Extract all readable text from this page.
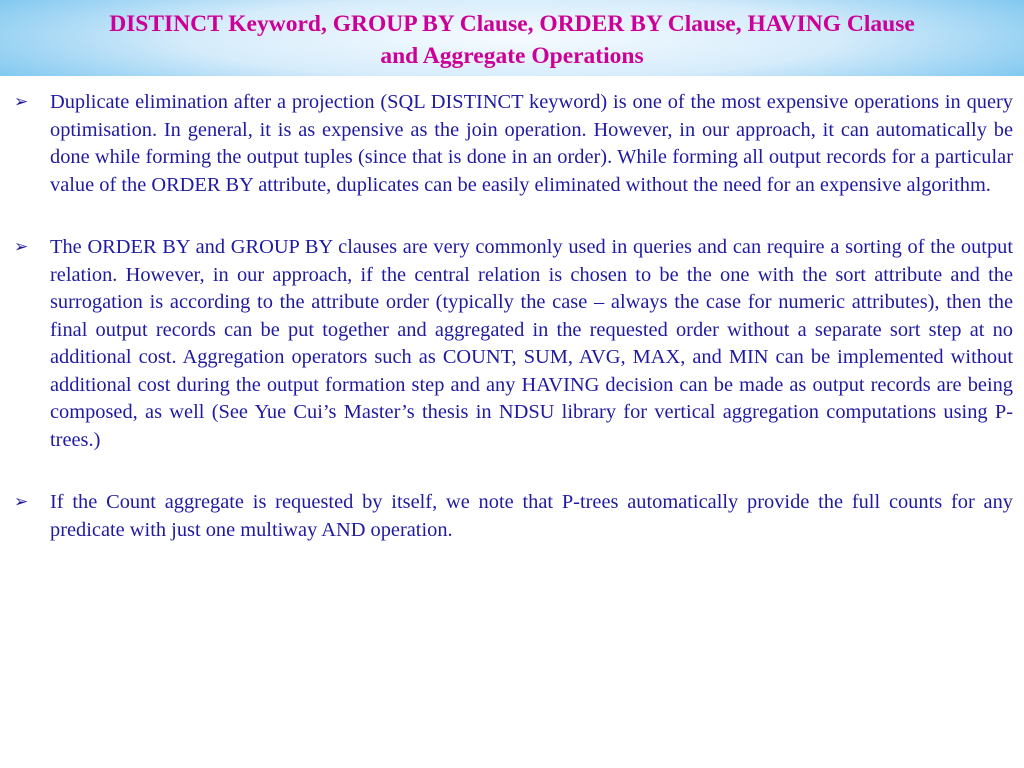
DISTINCT Keyword, GROUP BY Clause, ORDER BY Clause, HAVING Clause
and Aggregate Operations
➢ Duplicate elimination after a projection (SQL DISTINCT keyword) is one of the most expensive operations in query optimisation. In general, it is as expensive as the join operation. However, in our approach, it can automatically be done while forming the output tuples (since that is done in an order). While forming all output records for a particular value of the ORDER BY attribute, duplicates can be easily eliminated without the need for an expensive algorithm.

➢ The ORDER BY and GROUP BY clauses are very commonly used in queries and can require a sorting of the output relation. However, in our approach, if the central relation is chosen to be the one with the sort attribute and the surrogation is according to the attribute order (typically the case – always the case for numeric attributes), then the final output records can be put together and aggregated in the requested order without a separate sort step at no additional cost. Aggregation operators such as COUNT, SUM, AVG, MAX, and MIN can be implemented without additional cost during the output formation step and any HAVING decision can be made as output records are being composed, as well (See Yue Cui’s Master’s thesis in NDSU library for vertical aggregation computations using P-trees.)

➢ If the Count aggregate is requested by itself, we note that P-trees automatically provide the full counts for any predicate with just one multiway AND operation.
